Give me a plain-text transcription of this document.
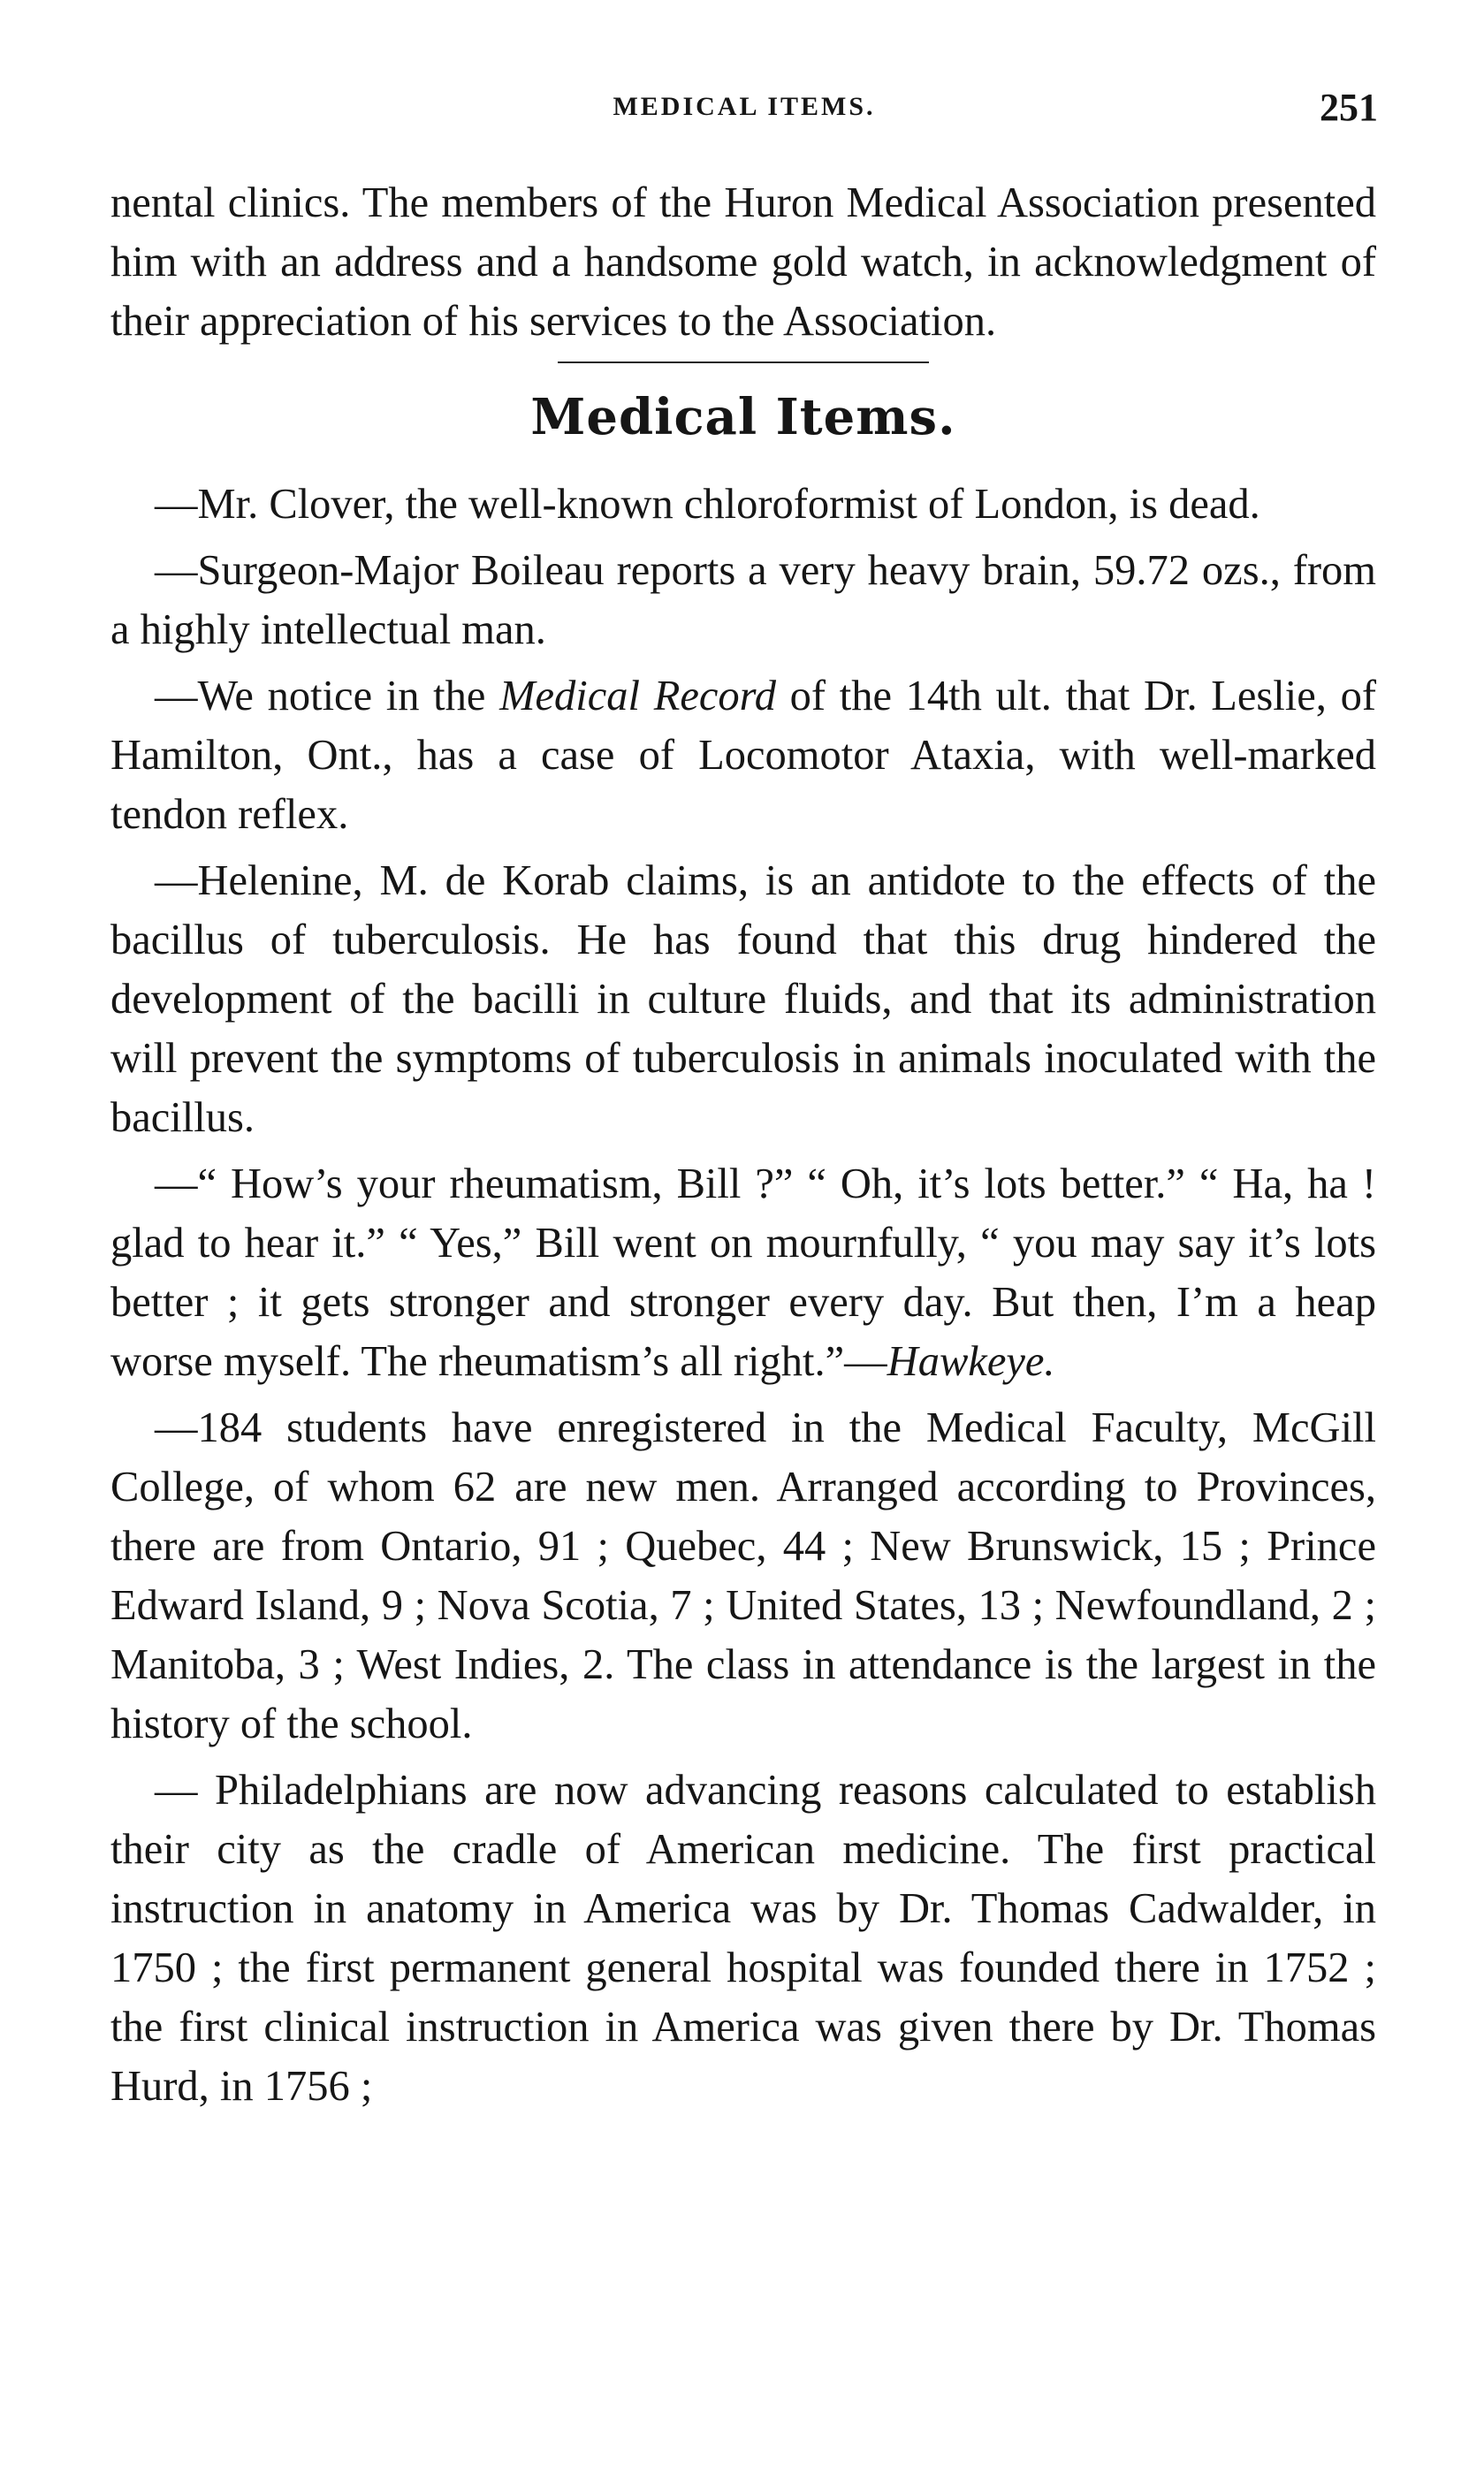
MEDICAL ITEMS.	251

nental clinics. The members of the Huron Medical Association presented him with an address and a handsome gold watch, in acknowledgment of their appreciation of his services to the Association.

Medical Items.

—Mr. Clover, the well-known chloroformist of London, is dead.

—Surgeon-Major Boileau reports a very heavy brain, 59.72 ozs., from a highly intellectual man.

—We notice in the Medical Record of the 14th ult. that Dr. Leslie, of Hamilton, Ont., has a case of Locomotor Ataxia, with well-marked tendon reflex.

—Helenine, M. de Korab claims, is an antidote to the effects of the bacillus of tuberculosis. He has found that this drug hindered the development of the bacilli in culture fluids, and that its administration will prevent the symptoms of tuberculosis in animals inoculated with the bacillus.

—“ How’s your rheumatism, Bill ?” “ Oh, it’s lots better.” “ Ha, ha ! glad to hear it.” “ Yes,” Bill went on mournfully, “ you may say it’s lots better ; it gets stronger and stronger every day. But then, I’m a heap worse myself. The rheumatism’s all right.”—Hawkeye.

—184 students have enregistered in the Medical Faculty, McGill College, of whom 62 are new men. Arranged according to Provinces, there are from Ontario, 91 ; Quebec, 44 ; New Brunswick, 15 ; Prince Edward Island, 9 ; Nova Scotia, 7 ; United States, 13 ; Newfoundland, 2 ; Manitoba, 3 ; West Indies, 2. The class in attendance is the largest in the history of the school.

— Philadelphians are now advancing reasons calculated to establish their city as the cradle of American medicine. The first practical instruction in anatomy in America was by Dr. Thomas Cadwalder, in 1750 ; the first permanent general hospital was founded there in 1752 ; the first clinical instruction in America was given there by Dr. Thomas Hurd, in 1756 ;
